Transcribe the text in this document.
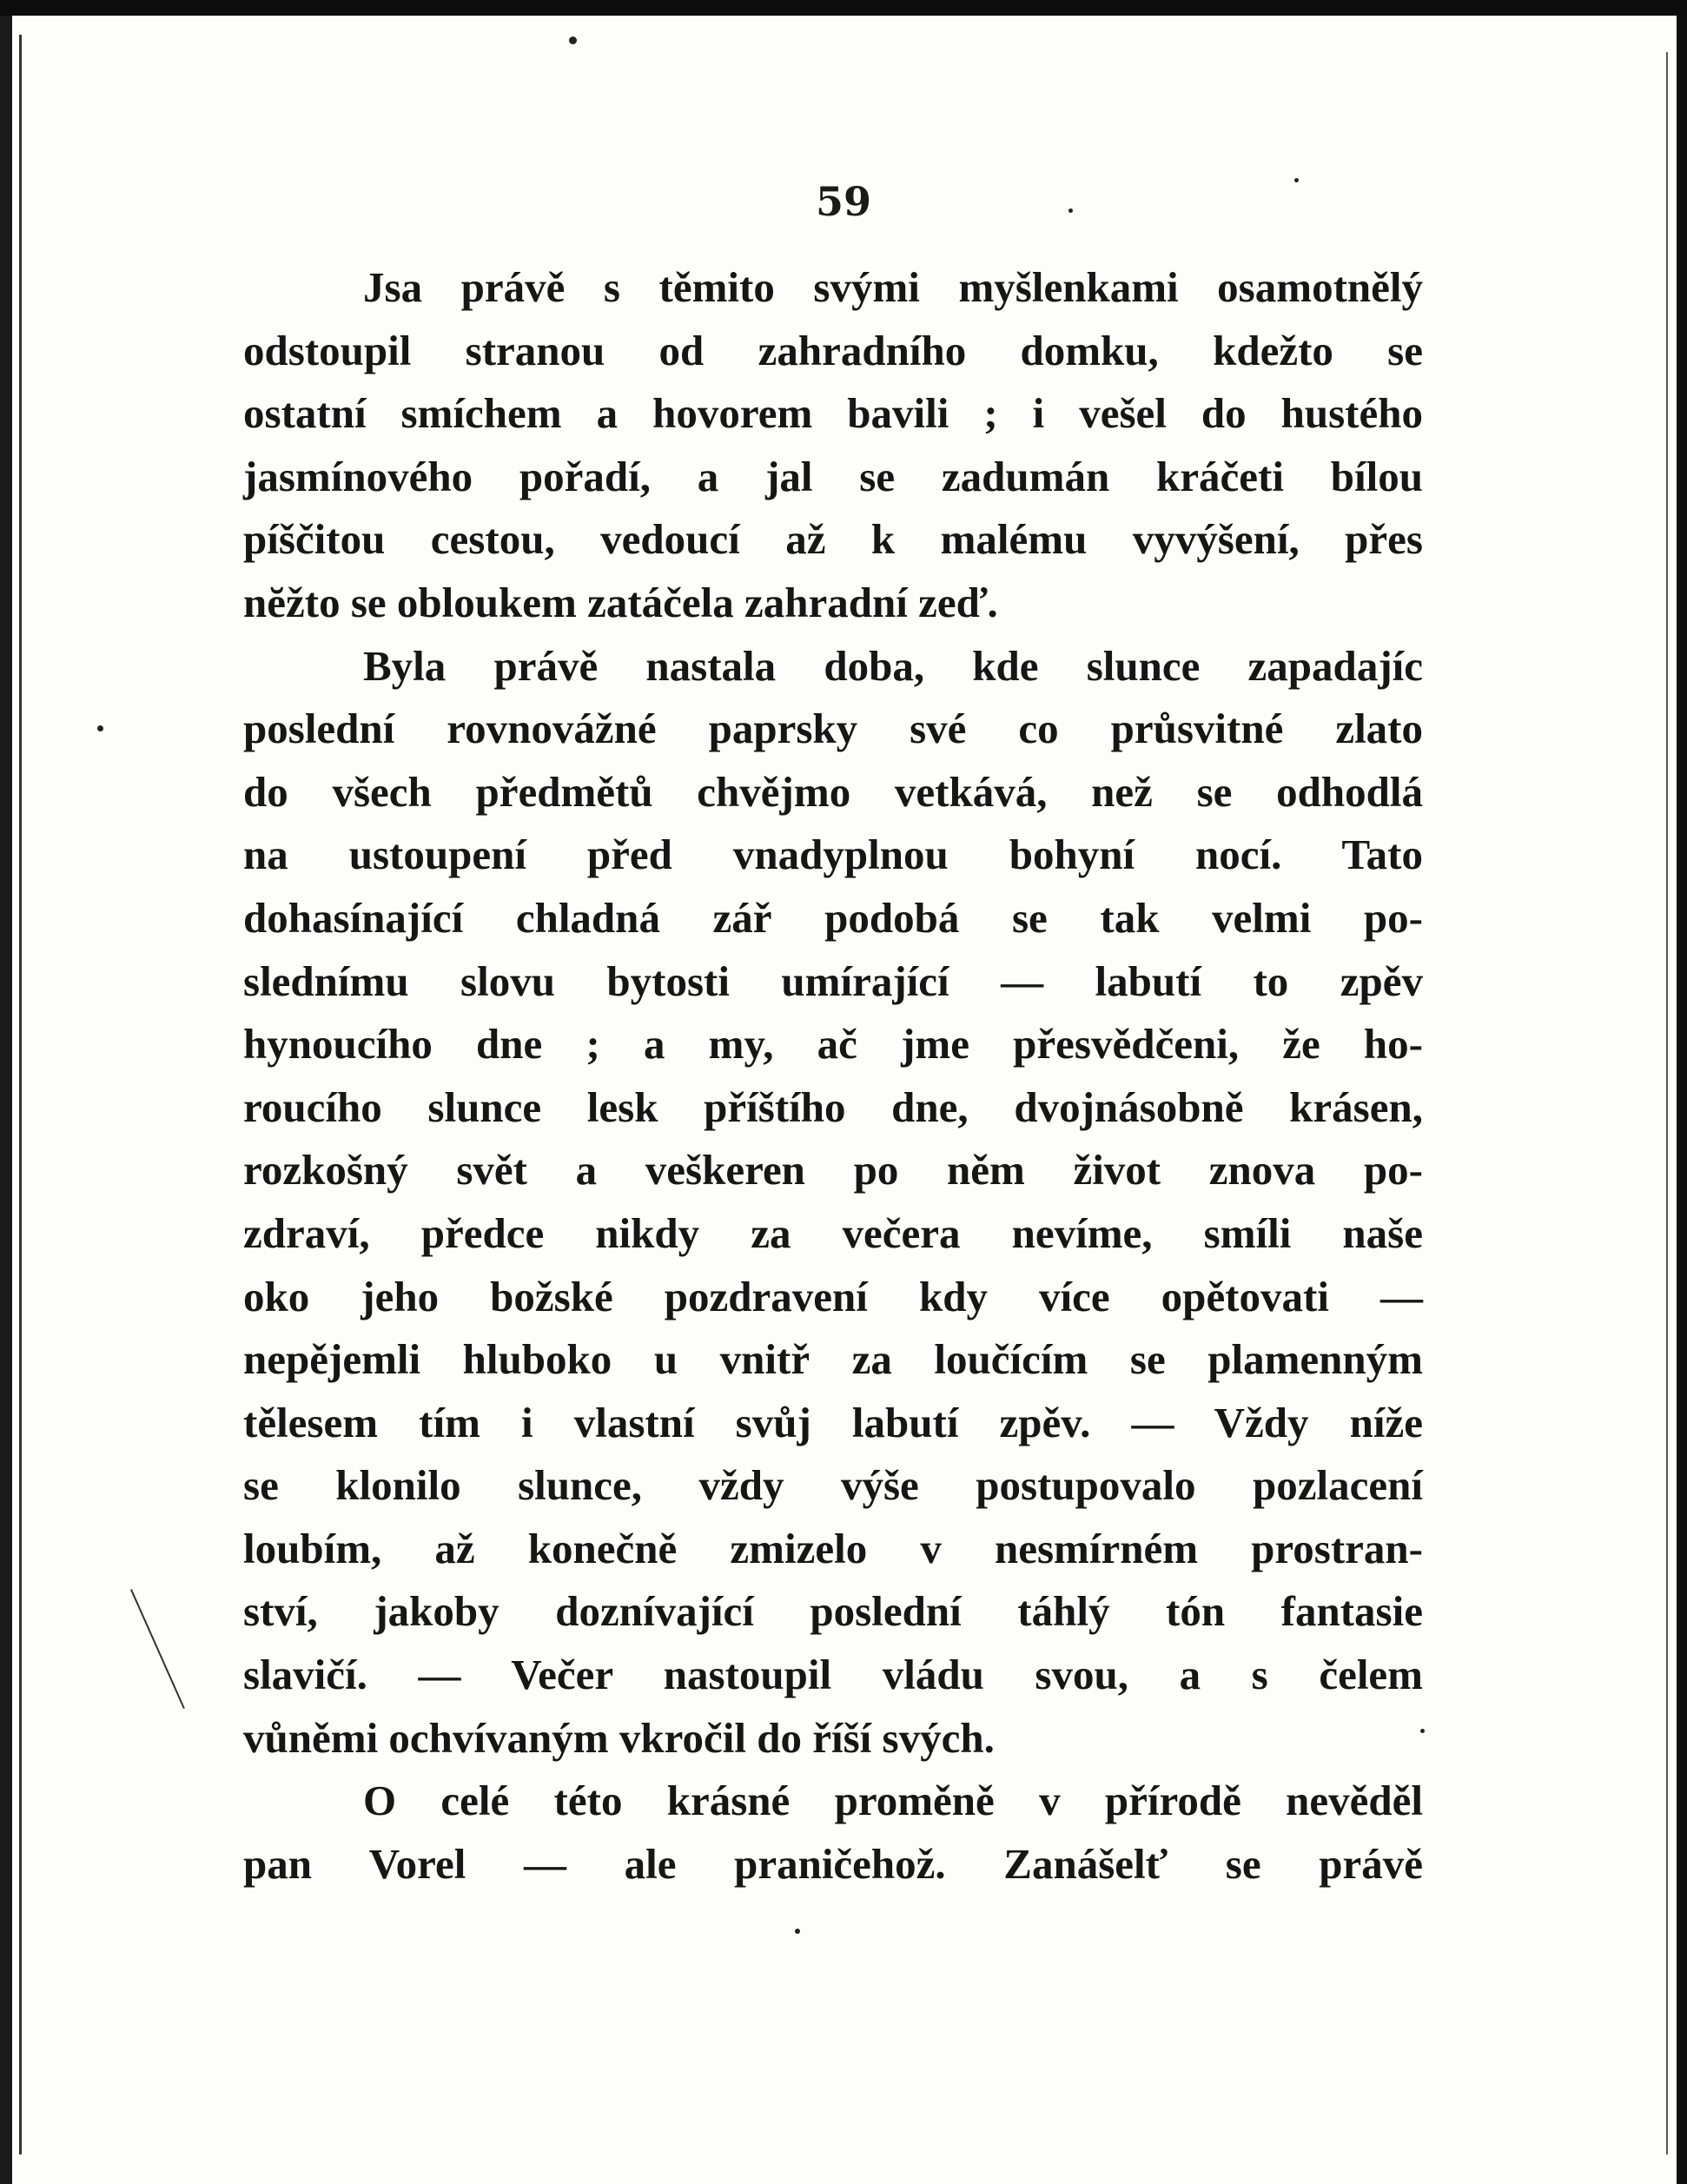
59
Jsa právě s těmito svými myšlenkami osamotnělý
odstoupil stranou od zahradního domku, kdežto se
ostatní smíchem a hovorem bavili ; i vešel do hustého
jasmínového pořadí, a jal se zadumán kráčeti bílou
píščitou cestou, vedoucí až k malému vyvýšení, přes
nĕžto se obloukem zatáčela zahradní zeď.
Byla právě nastala doba, kde slunce zapadajíc
poslední rovnovážné paprsky své co průsvitné zlato
do všech předmětů chvějmo vetkává, než se odhodlá
na ustoupení před vnadyplnou bohyní nocí. Tato
dohasínající chladná zář podobá se tak velmi po-
slednímu slovu bytosti umírající — labutí to zpěv
hynoucího dne ; a my, ač jme přesvědčeni, že ho-
roucího slunce lesk příštího dne, dvojnásobně krásen,
rozkošný svět a veškeren po něm život znova po-
zdraví, předce nikdy za večera nevíme, smíli naše
oko jeho božské pozdravení kdy více opětovati —
nepějemli hluboko u vnitř za loučícím se plamenným
tělesem tím i vlastní svůj labutí zpěv. — Vždy níže
se klonilo slunce, vždy výše postupovalo pozlacení
loubím, až konečně zmizelo v nesmírném prostran-
ství, jakoby doznívající poslední táhlý tón fantasie
slavičí. — Večer nastoupil vládu svou, a s čelem
vůněmi ochvívaným vkročil do říší svých.
O celé této krásné proměně v přírodě nevěděl
pan Vorel — ale praničehož. Zanášelť se právě
